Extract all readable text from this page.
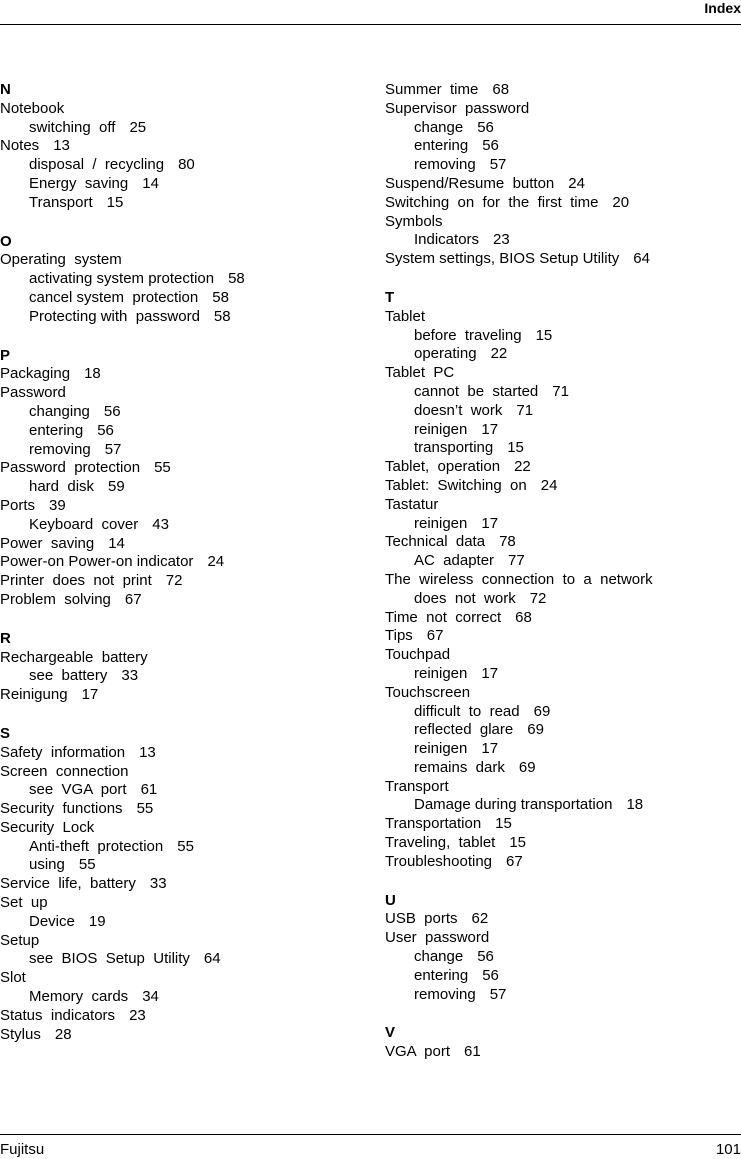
Index
N
Notebook
switching  off 25
Notes 13
disposal  /  recycling 80
Energy  saving 14
Transport 15
O
Operating  system
activating system protection 58
cancel system  protection 58
Protecting with  password 58
P
Packaging 18
Password
changing 56
entering 56
removing 57
Password  protection 55
hard  disk 59
Ports 39
Keyboard  cover 43
Power  saving 14
Power-on Power-on indicator 24
Printer  does  not  print 72
Problem  solving 67
R
Rechargeable  battery
see  battery 33
Reinigung 17
S
Safety  information 13
Screen  connection
see  VGA  port 61
Security  functions 55
Security  Lock
Anti-theft  protection 55
using 55
Service  life,  battery 33
Set  up
Device 19
Setup
see  BIOS  Setup  Utility 64
Slot
Memory  cards 34
Status  indicators 23
Stylus 28
Summer  time 68
Supervisor  password
change 56
entering 56
removing 57
Suspend/Resume  button 24
Switching  on  for  the  first  time 20
Symbols
Indicators 23
System settings, BIOS Setup Utility 64
T
Tablet
before  traveling 15
operating 22
Tablet  PC
cannot  be  started 71
doesn’t  work 71
reinigen 17
transporting 15
Tablet,  operation 22
Tablet:  Switching  on 24
Tastatur
reinigen 17
Technical  data 78
AC  adapter 77
The  wireless  connection  to  a  network
does  not  work 72
Time  not  correct 68
Tips 67
Touchpad
reinigen 17
Touchscreen
difficult  to  read 69
reflected  glare 69
reinigen 17
remains  dark 69
Transport
Damage during transportation 18
Transportation 15
Traveling,  tablet 15
Troubleshooting 67
U
USB  ports 62
User  password
change 56
entering 56
removing 57
V
VGA  port 61
Fujitsu	101
